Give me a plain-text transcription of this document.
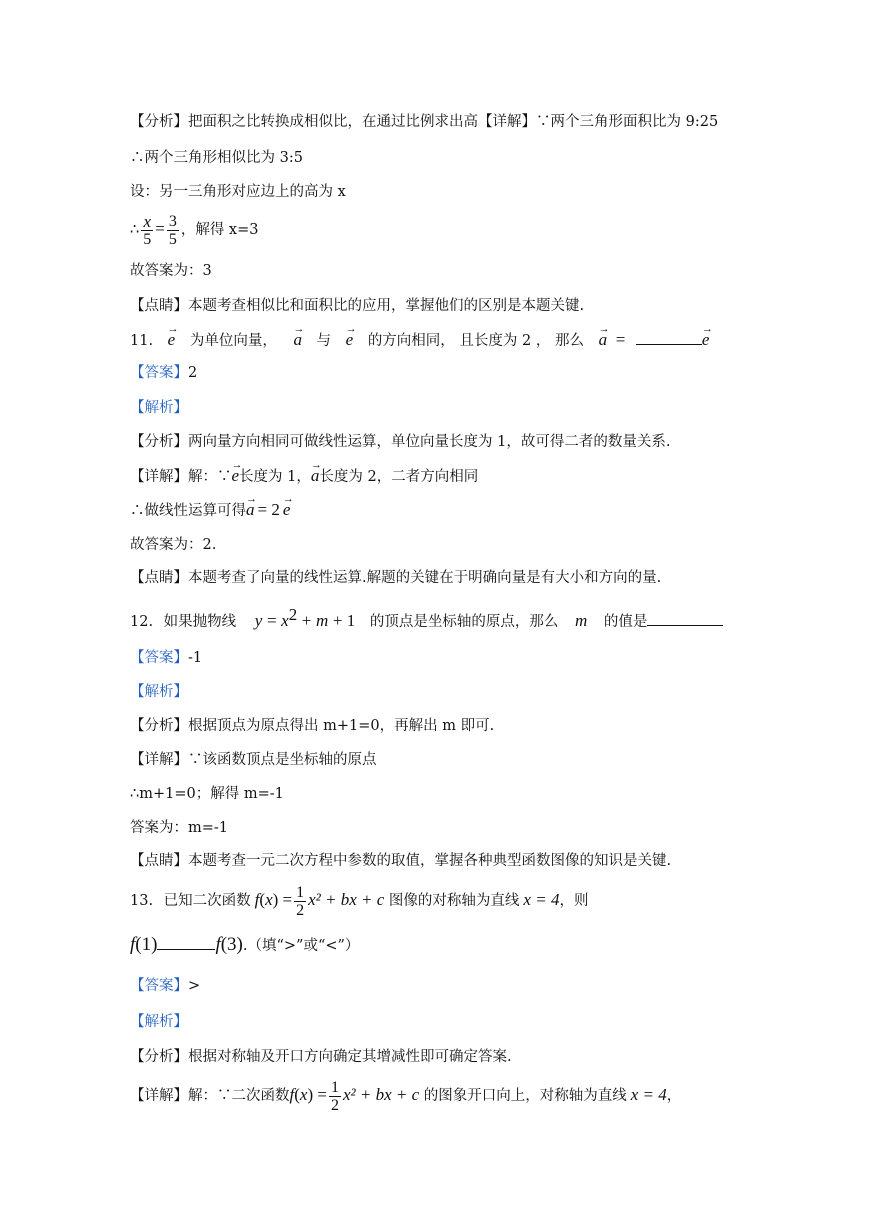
【分析】把面积之比转换成相似比，在通过比例求出高【详解】∵两个三角形面积比为 9:25
∴两个三角形相似比为 3:5
设：另一三角形对应边上的高为 x
∴ $\frac{x}{5} = \frac{3}{5}$ ，解得 x=3
故答案为：3
【点睛】本题考查相似比和面积比的应用，掌握他们的区别是本题关键.
11. → e 为单位向量， → a 与 → e 的方向相同， 且长度为 2 ， 那么 → a =	→ e
【答案】2
【解析】
【分析】两向量方向相同可做线性运算，单位向量长度为 1，故可得二者的数量关系.
【详解】解：∵→ e长度为 1，→ a长度为 2，二者方向相同
∴做线性运算可得→ a = 2 → e
故答案为：2.
【点睛】本题考查了向量的线性运算.解题的关键在于明确向量是有大小和方向的量.
12. 如果抛物线 $y = x^2 + m + 1$ 的顶点是坐标轴的原点，那么 m 的值是
【答案】-1
【解析】
【分析】根据顶点为原点得出 m+1=0，再解出 m 即可.
【详解】∵该函数顶点是坐标轴的原点
∴m+1=0；解得 m=-1
答案为：m=-1
【点睛】本题考查一元二次方程中参数的取值，掌握各种典型函数图像的知识是关键.
13. 已知二次函数 $f(x) = \frac{1}{2} x^2$ + bx + c 图像的对称轴为直线 x = 4，则
f(1)	f(3).（填“>”或“<”）
【答案】>
【解析】
【分析】根据对称轴及开口方向确定其增减性即可确定答案.
【详解】解：∵二次函数$f(x) = \frac{1}{2} x^2$ + bx + c 的图象开口向上，对称轴为直线 x = 4，
